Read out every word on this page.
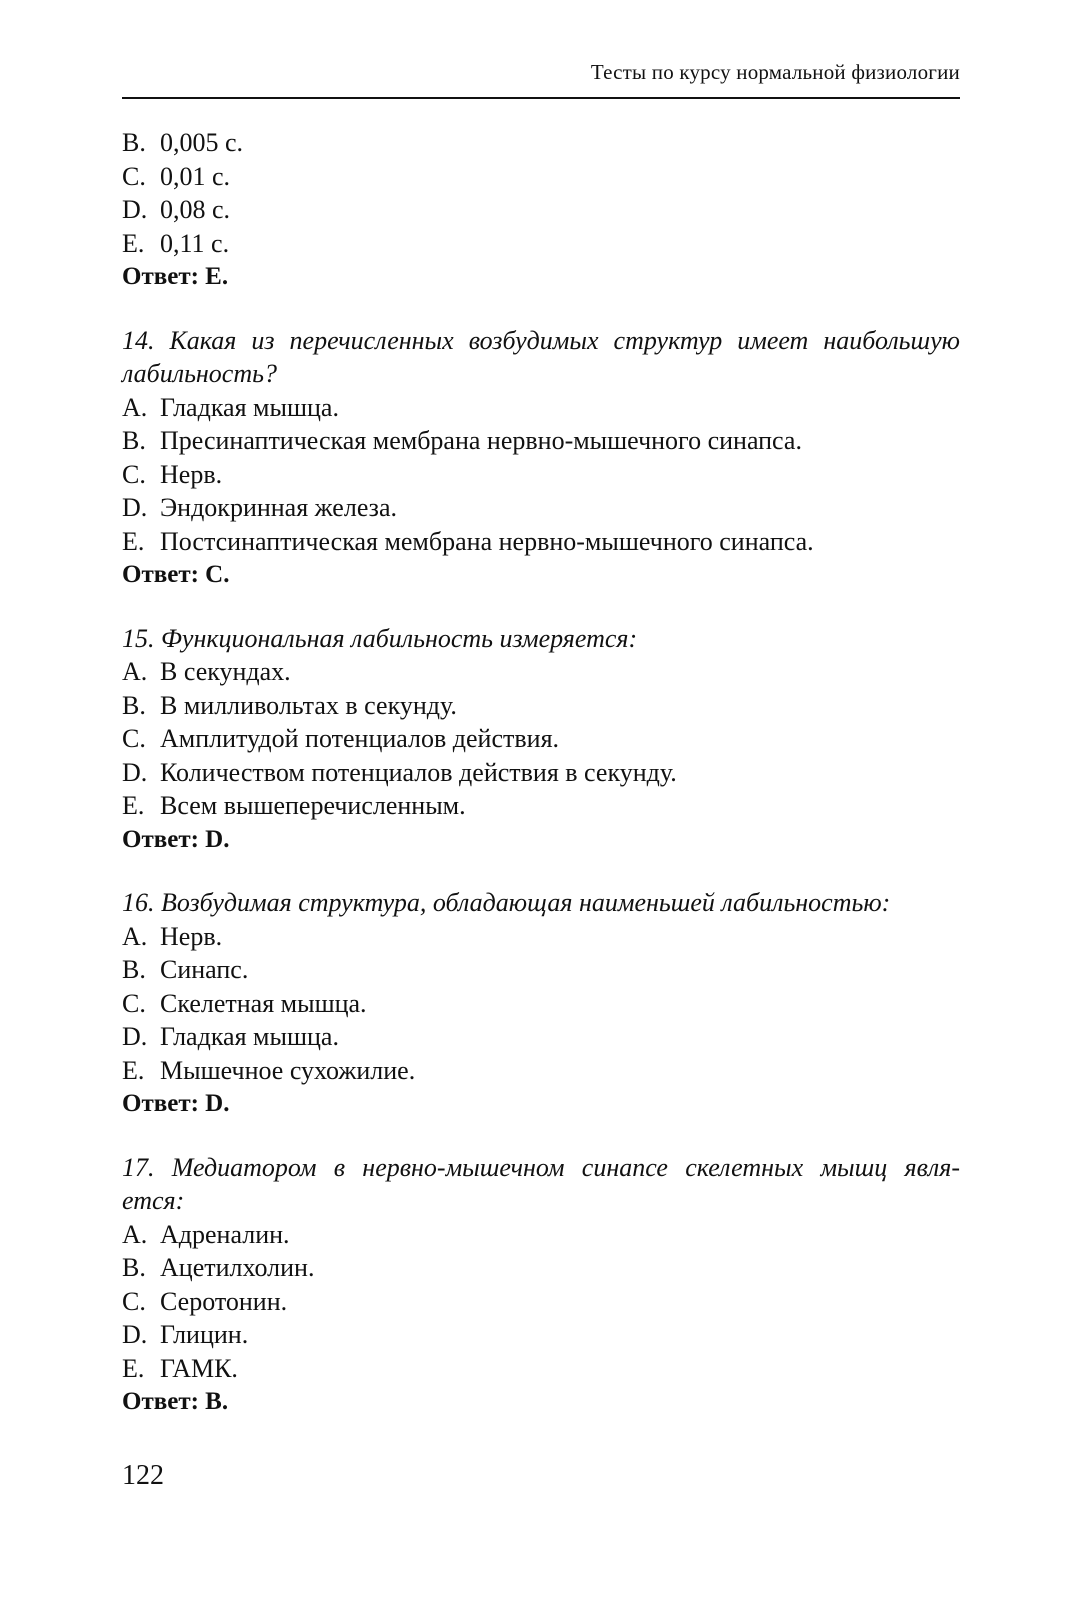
Тесты по курсу нормальной физиологии
B. 0,005 с.
C. 0,01 с.
D. 0,08 с.
E. 0,11 с.
Ответ: Е.
14. Какая из перечисленных возбудимых структур имеет наибольшую
лабильность?
A. Гладкая мышца.
B. Пресинаптическая мембрана нервно-мышечного синапса.
C. Нерв.
D. Эндокринная железа.
E. Постсинаптическая мембрана нервно-мышечного синапса.
Ответ: С.
15. Функциональная лабильность измеряется:
A. В секундах.
B. В милливольтах в секунду.
C. Амплитудой потенциалов действия.
D. Количеством потенциалов действия в секунду.
E. Всем вышеперечисленным.
Ответ: D.
16. Возбудимая структура, обладающая наименьшей лабильностью:
A. Нерв.
B. Синапс.
C. Скелетная мышца.
D. Гладкая мышца.
E. Мышечное сухожилие.
Ответ: D.
17. Медиатором в нервно-мышечном синапсе скелетных мышц явля-
ется:
A. Адреналин.
B. Ацетилхолин.
C. Серотонин.
D. Глицин.
E. ГАМК.
Ответ: В.
122
